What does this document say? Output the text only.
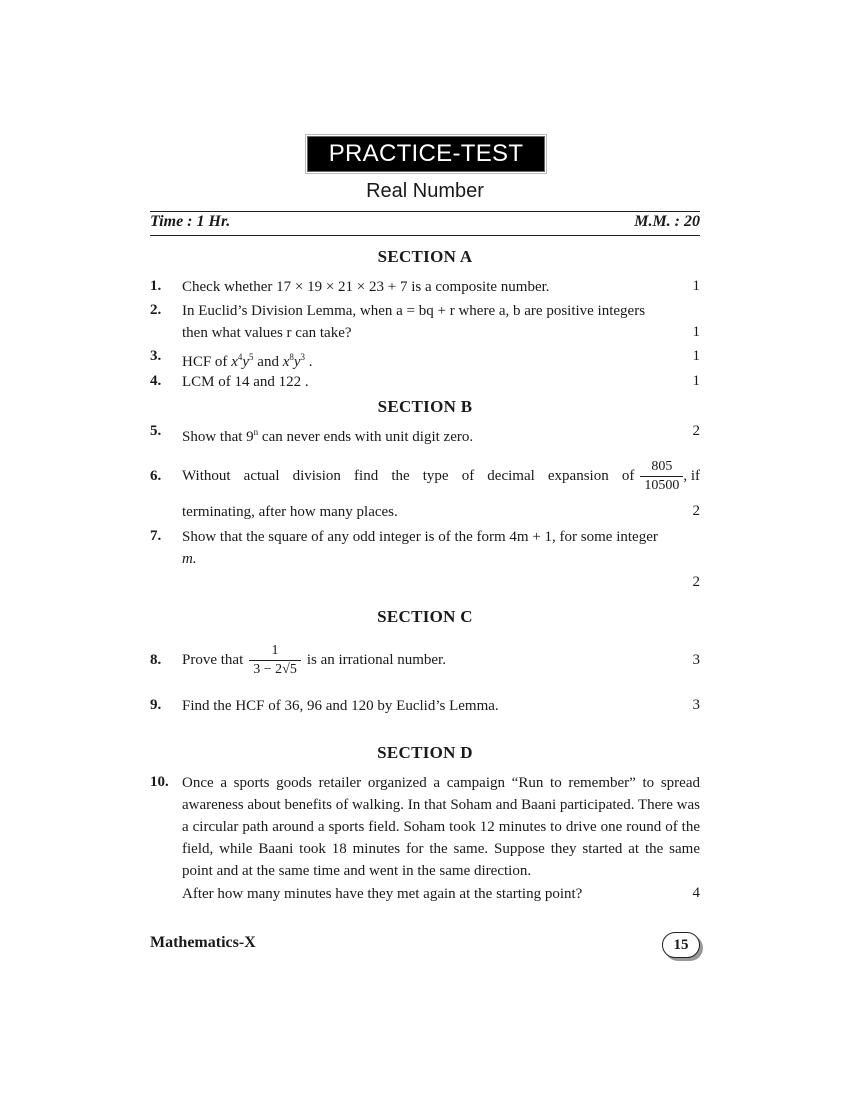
PRACTICE-TEST
Real Number
Time : 1 Hr.	M.M. : 20
SECTION A
1. Check whether 17 × 19 × 21 × 23 + 7 is a composite number.	1
2. In Euclid’s Division Lemma, when a = bq + r where a, b are positive integers
then what values r can take?	1
3. HCF of $x^4y^5$ and $x^8y^3$ .	1
4. LCM of 14 and 122 .	1
SECTION B
5. Show that 9$^n$ can never ends with unit digit zero.	2
6. Without actual division find the type of decimal expansion of $\frac{805}{10500}$ , if
terminating, after how many places.	2
7. Show that the square of any odd integer is of the form 4m + 1, for some integer
m.
2
SECTION C
8. Prove that $\frac{1}{3 - 2√5}$ is an irrational number.	3
9. Find the HCF of 36, 96 and 120 by Euclid’s Lemma.	3
SECTION D
10. Once a sports goods retailer organized a campaign “Run to remember” to spread awareness about benefits of walking. In that Soham and Baani participated. There was a circular path around a sports field. Soham took 12 minutes to drive one round of the field, while Baani took 18 minutes for the same. Suppose they started at the same point and at the same time and went in the same direction.
After how many minutes have they met again at the starting point?	4
Mathematics-X	15
